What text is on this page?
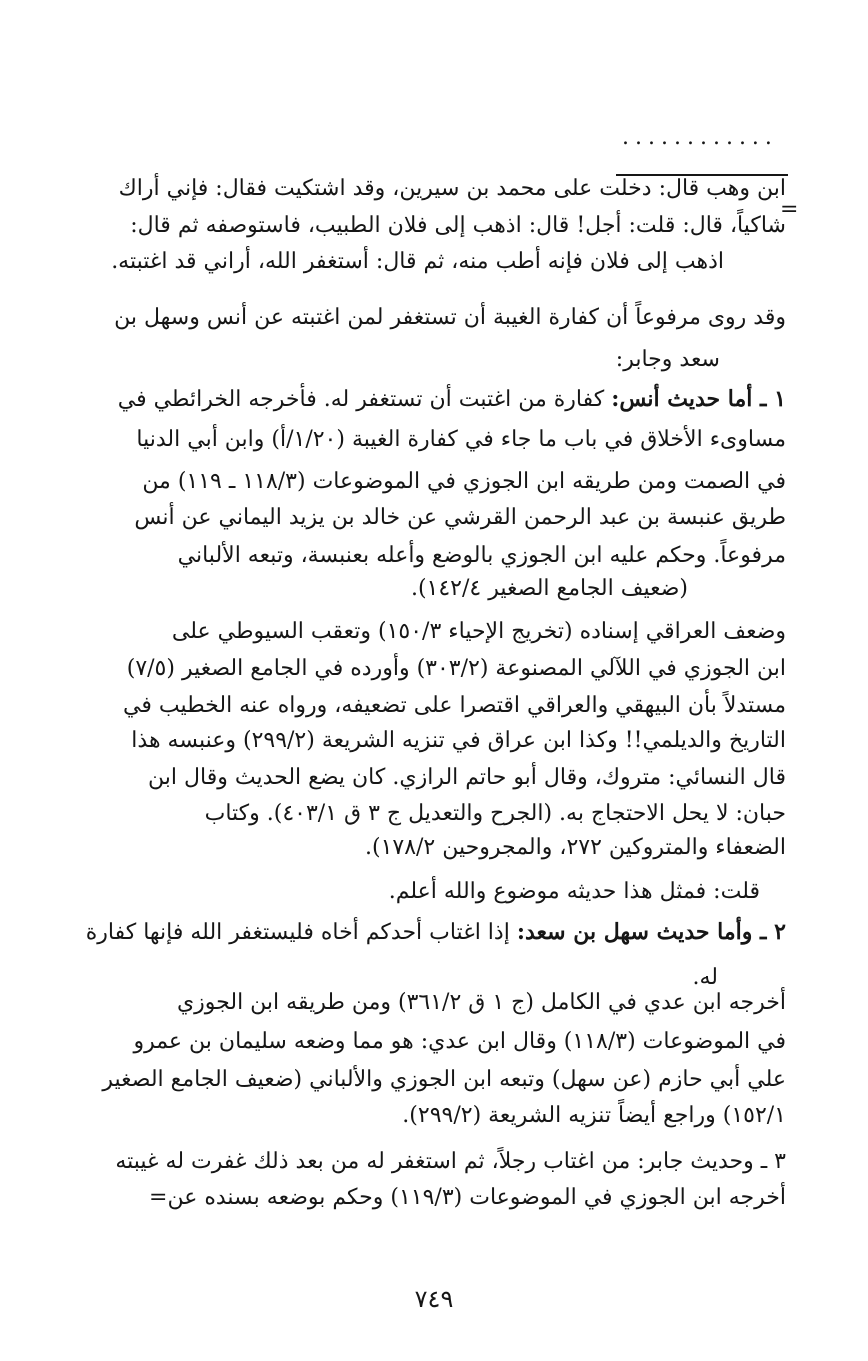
............
=
ابن وهب قال: دخلت على محمد بن سيرين، وقد اشتكيت فقال: فإني أراك
شاكياً، قال: قلت: أجل! قال: اذهب إلى فلان الطبيب، فاستوصفه ثم قال:
اذهب إلى فلان فإنه أطب منه، ثم قال: أستغفر الله، أراني قد اغتبته.
وقد روى مرفوعاً أن كفارة الغيبة أن تستغفر لمن اغتبته عن أنس وسهل بن
سعد وجابر:
١ ـ أما حديث أنس: كفارة من اغتبت أن تستغفر له. فأخرجه الخرائطي في
مساوىء الأخلاق في باب ما جاء في كفارة الغيبة (١/٢٠/أ) وابن أبي الدنيا
في الصمت ومن طريقه ابن الجوزي في الموضوعات (١١٨/٣ ـ ١١٩) من
طريق عنبسة بن عبد الرحمن القرشي عن خالد بن يزيد اليماني عن أنس
مرفوعاً. وحكم عليه ابن الجوزي بالوضع وأعله بعنبسة، وتبعه الألباني
(ضعيف الجامع الصغير ١٤٢/٤).
وضعف العراقي إسناده (تخريج الإحياء ١٥٠/٣) وتعقب السيوطي على
ابن الجوزي في اللآلي المصنوعة (٣٠٣/٢) وأورده في الجامع الصغير (٧/٥)
مستدلاً بأن البيهقي والعراقي اقتصرا على تضعيفه، ورواه عنه الخطيب في
التاريخ والديلمي!! وكذا ابن عراق في تنزيه الشريعة (٢٩٩/٢) وعنبسه هذا
قال النسائي: متروك، وقال أبو حاتم الرازي. كان يضع الحديث وقال ابن
حبان: لا يحل الاحتجاج به. (الجرح والتعديل ج ٣ ق ٤٠٣/١). وكتاب
الضعفاء والمتروكين ٢٧٢، والمجروحين ١٧٨/٢).
قلت: فمثل هذا حديثه موضوع والله أعلم.
٢ ـ وأما حديث سهل بن سعد: إذا اغتاب أحدكم أخاه فليستغفر الله فإنها كفارة
له.
أخرجه ابن عدي في الكامل (ج ١ ق ٣٦١/٢) ومن طريقه ابن الجوزي
في الموضوعات (١١٨/٣) وقال ابن عدي: هو مما وضعه سليمان بن عمرو
علي أبي حازم (عن سهل) وتبعه ابن الجوزي والألباني (ضعيف الجامع الصغير
١٥٢/١) وراجع أيضاً تنزيه الشريعة (٢٩٩/٢).
٣ ـ وحديث جابر: من اغتاب رجلاً، ثم استغفر له من بعد ذلك غفرت له غيبته
أخرجه ابن الجوزي في الموضوعات (١١٩/٣) وحكم بوضعه بسنده عن=
٧٤٩
